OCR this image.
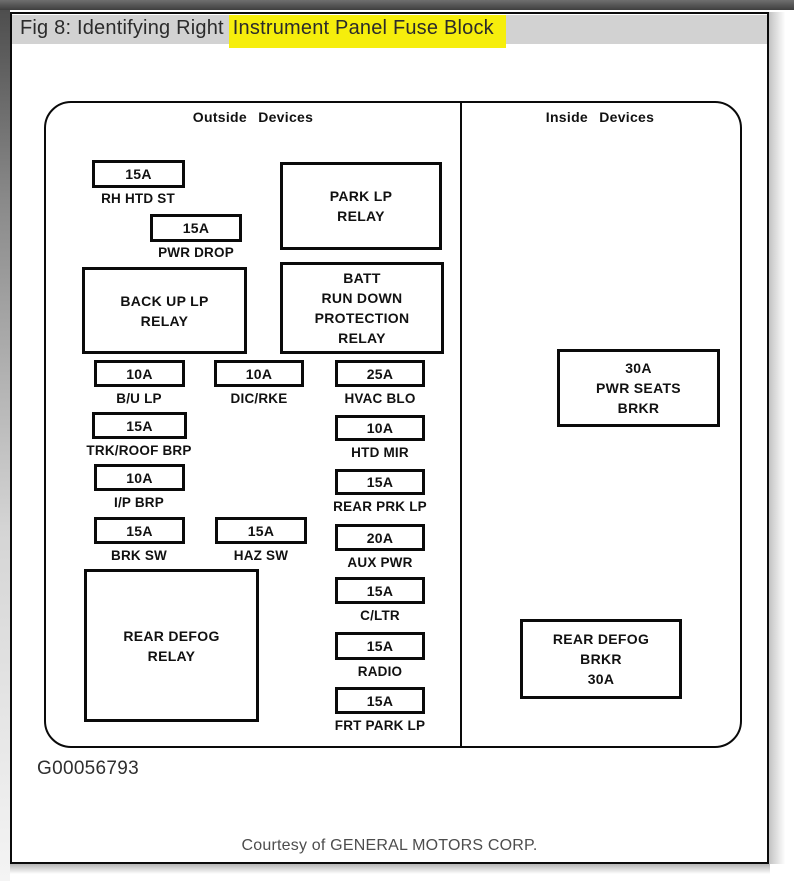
Fig 8: Identifying Right Instrument Panel Fuse Block
Outside Devices	Inside Devices
15A
RH HTD ST
15A
PWR DROP
10A
B/U LP
10A
DIC/RKE
25A
HVAC BLO
15A
TRK/ROOF BRP
10A
I/P BRP
15A
BRK SW
15A
HAZ SW
10A
HTD MIR
15A
REAR PRK LP
20A
AUX PWR
15A
C/LTR
15A
RADIO
15A
FRT PARK LP
PARK LP
RELAY
BATT
RUN DOWN
PROTECTION
RELAY
BACK UP LP
RELAY
REAR DEFOG
RELAY
30A
PWR SEATS
BRKR
REAR DEFOG
BRKR
30A
G00056793
Courtesy of GENERAL MOTORS CORP.
